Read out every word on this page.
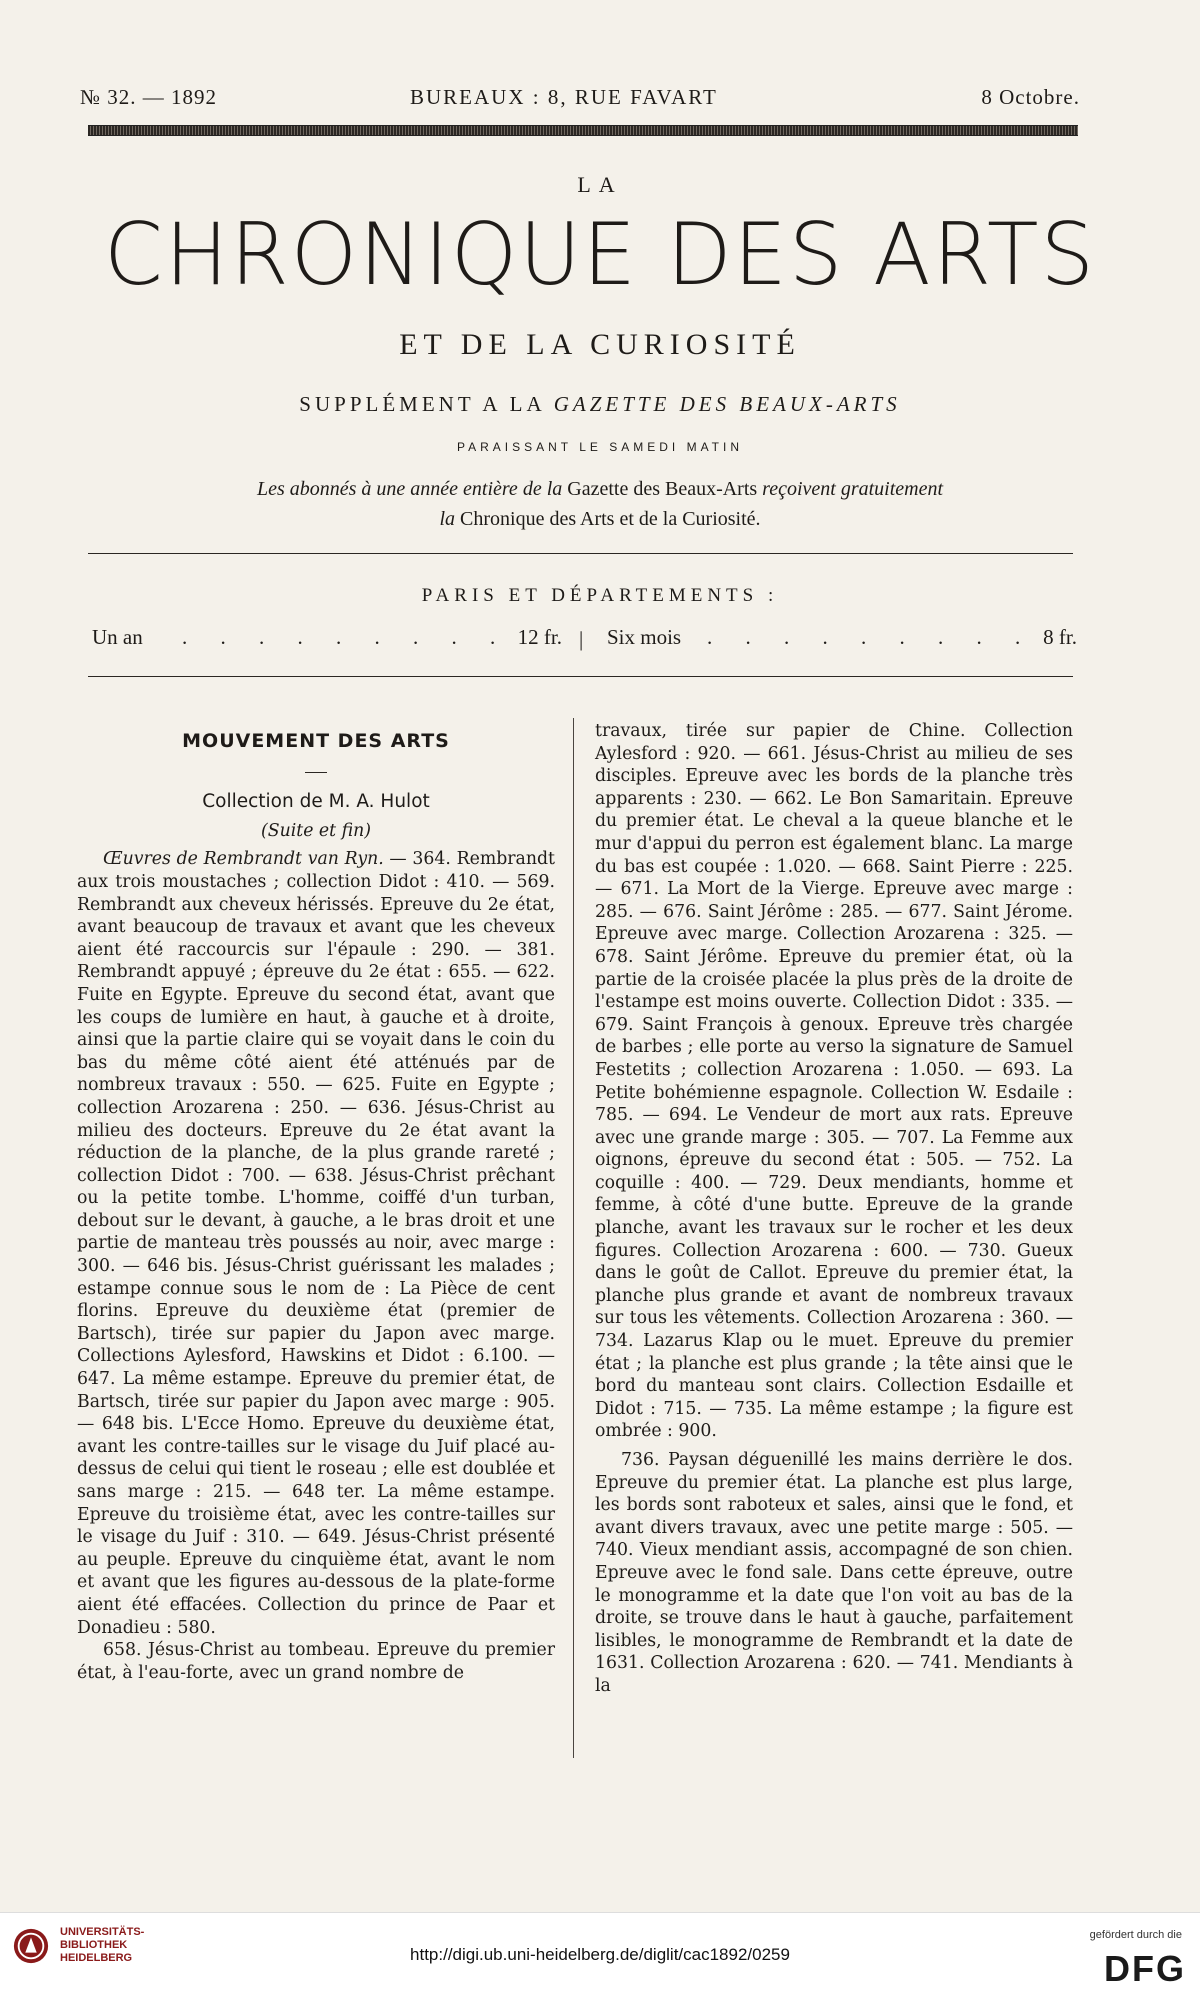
№ 32. — 1892	BUREAUX : 8, RUE FAVART	8 Octobre.
LA
CHRONIQUE DES ARTS
ET DE LA CURIOSITÉ
SUPPLÉMENT A LA GAZETTE DES BEAUX-ARTS
PARAISSANT LE SAMEDI MATIN
Les abonnés à une année entière de la Gazette des Beaux-Arts reçoivent gratuitement
la Chronique des Arts et de la Curiosité.
PARIS ET DÉPARTEMENTS :
Un an . . . . . . . . . 12 fr. | Six mois . . . . . . . . . 8 fr.
MOUVEMENT DES ARTS
Collection de M. A. Hulot
(Suite et fin)

Œuvres de Rembrandt van Ryn. — 364. Rembrandt aux trois moustaches ; collection Didot : 410. — 569. Rembrandt aux cheveux hérissés. Epreuve du 2e état, avant beaucoup de travaux et avant que les cheveux aient été raccourcis sur l'épaule : 290. — 381. Rembrandt appuyé ; épreuve du 2e état : 655. — 622. Fuite en Egypte. Epreuve du second état, avant que les coups de lumière en haut, à gauche et à droite, ainsi que la partie claire qui se voyait dans le coin du bas du même côté aient été atténués par de nombreux travaux : 550. — 625. Fuite en Egypte ; collection Arozarena : 250. — 636. Jésus-Christ au milieu des docteurs. Epreuve du 2e état avant la réduction de la planche, de la plus grande rareté ; collection Didot : 700. — 638. Jésus-Christ prêchant ou la petite tombe. L'homme, coiffé d'un turban, debout sur le devant, à gauche, a le bras droit et une partie de manteau très poussés au noir, avec marge : 300. — 646 bis. Jésus-Christ guérissant les malades ; estampe connue sous le nom de : La Pièce de cent florins. Epreuve du deuxième état (premier de Bartsch), tirée sur papier du Japon avec marge. Collections Aylesford, Hawskins et Didot : 6.100. — 647. La même estampe. Epreuve du premier état, de Bartsch, tirée sur papier du Japon avec marge : 905. — 648 bis. L'Ecce Homo. Epreuve du deuxième état, avant les contre-tailles sur le visage du Juif placé au-dessus de celui qui tient le roseau ; elle est doublée et sans marge : 215. — 648 ter. La même estampe. Epreuve du troisième état, avec les contre-tailles sur le visage du Juif : 310. — 649. Jésus-Christ présenté au peuple. Epreuve du cinquième état, avant le nom et avant que les figures au-dessous de la plate-forme aient été effacées. Collection du prince de Paar et Donadieu : 580.

658. Jésus-Christ au tombeau. Epreuve du premier état, à l'eau-forte, avec un grand nombre de

travaux, tirée sur papier de Chine. Collection Aylesford : 920. — 661. Jésus-Christ au milieu de ses disciples. Epreuve avec les bords de la planche très apparents : 230. — 662. Le Bon Samaritain. Epreuve du premier état. Le cheval a la queue blanche et le mur d'appui du perron est également blanc. La marge du bas est coupée : 1.020. — 668. Saint Pierre : 225. — 671. La Mort de la Vierge. Epreuve avec marge : 285. — 676. Saint Jérôme : 285. — 677. Saint Jérome. Epreuve avec marge. Collection Arozarena : 325. — 678. Saint Jérôme. Epreuve du premier état, où la partie de la croisée placée la plus près de la droite de l'estampe est moins ouverte. Collection Didot : 335. — 679. Saint François à genoux. Epreuve très chargée de barbes ; elle porte au verso la signature de Samuel Festetits ; collection Arozarena : 1.050. — 693. La Petite bohémienne espagnole. Collection W. Esdaile : 785. — 694. Le Vendeur de mort aux rats. Epreuve avec une grande marge : 305. — 707. La Femme aux oignons, épreuve du second état : 505. — 752. La coquille : 400. — 729. Deux mendiants, homme et femme, à côté d'une butte. Epreuve de la grande planche, avant les travaux sur le rocher et les deux figures. Collection Arozarena : 600. — 730. Gueux dans le goût de Callot. Epreuve du premier état, la planche plus grande et avant de nombreux travaux sur tous les vêtements. Collection Arozarena : 360. — 734. Lazarus Klap ou le muet. Epreuve du premier état ; la planche est plus grande ; la tête ainsi que le bord du manteau sont clairs. Collection Esdaille et Didot : 715. — 735. La même estampe ; la figure est ombrée : 900.

736. Paysan déguenillé les mains derrière le dos. Epreuve du premier état. La planche est plus large, les bords sont raboteux et sales, ainsi que le fond, et avant divers travaux, avec une petite marge : 505. — 740. Vieux mendiant assis, accompagné de son chien. Epreuve avec le fond sale. Dans cette épreuve, outre le monogramme et la date que l'on voit au bas de la droite, se trouve dans le haut à gauche, parfaitement lisibles, le monogramme de Rembrandt et la date de 1631. Collection Arozarena : 620. — 741. Mendiants à la

UNIVERSITÄTS-
BIBLIOTHEK
HEIDELBERG	http://digi.ub.uni-heidelberg.de/diglit/cac1892/0259
gefördert durch die
DFG
